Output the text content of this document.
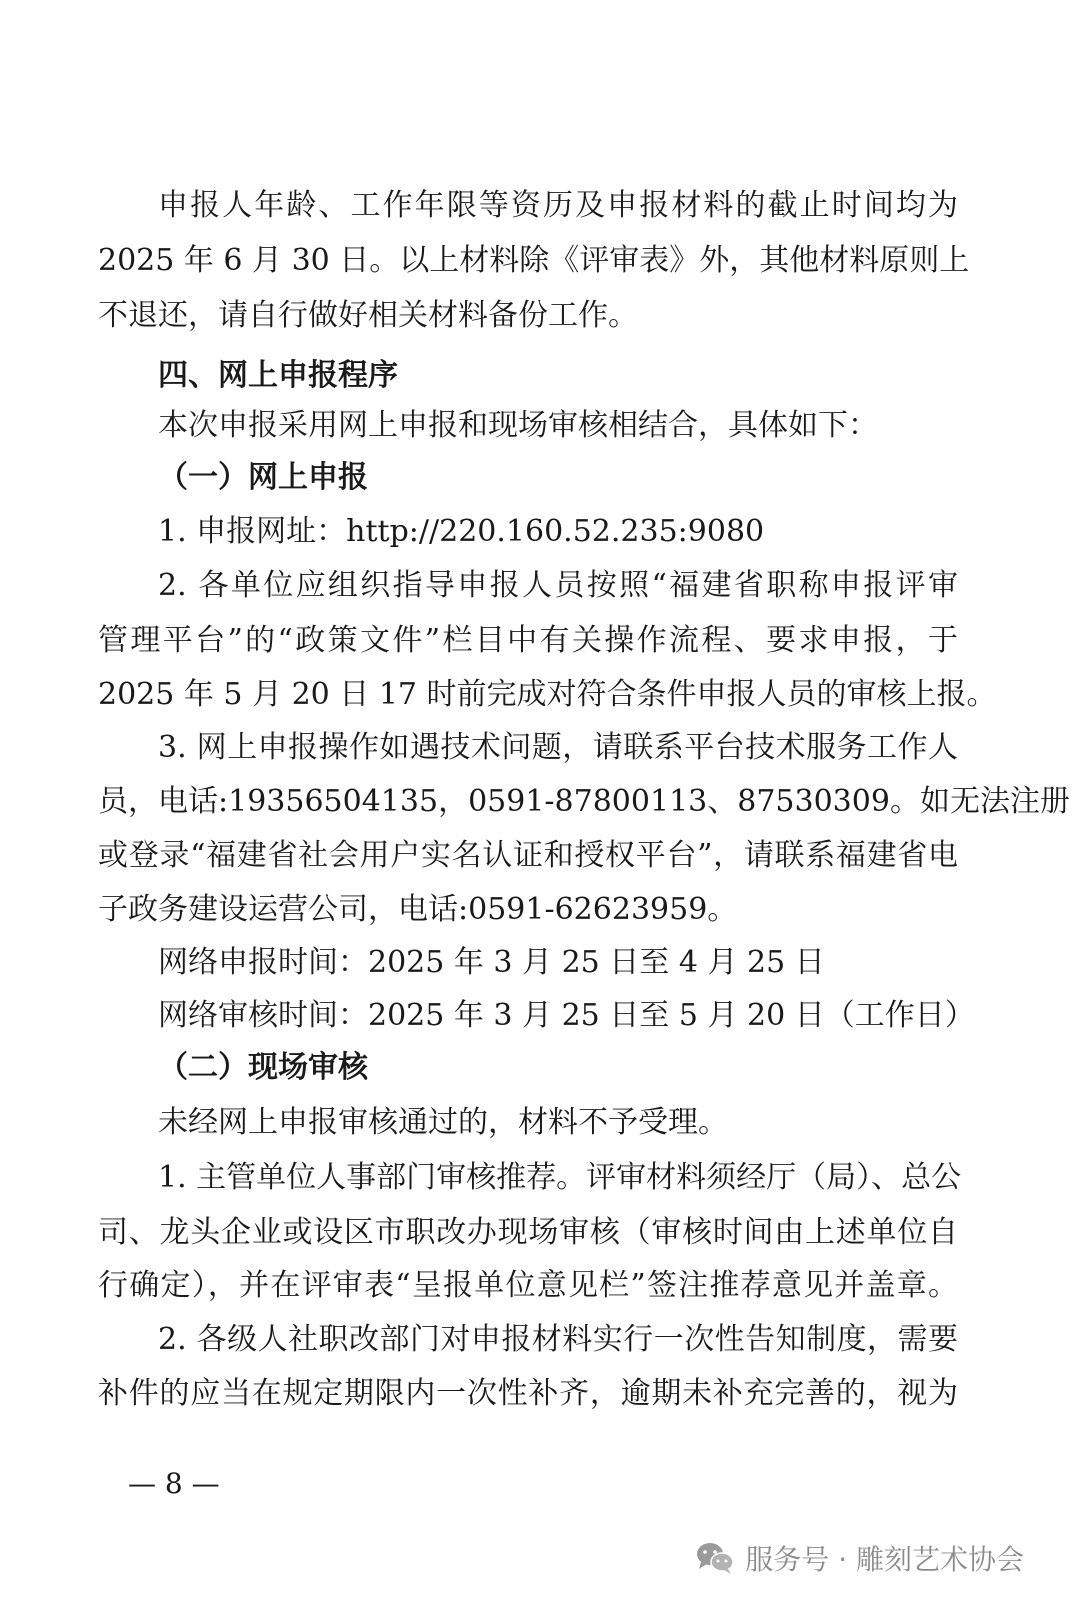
申报人年龄、工作年限等资历及申报材料的截止时间均为
2025 年 6 月 30 日。以上材料除《评审表》外，其他材料原则上
不退还，请自行做好相关材料备份工作。
四、网上申报程序
本次申报采用网上申报和现场审核相结合，具体如下：
（一）网上申报
1. 申报网址：http://220.160.52.235:9080
2. 各单位应组织指导申报人员按照“福建省职称申报评审
管理平台”的“政策文件”栏目中有关操作流程、要求申报，于
2025 年 5 月 20 日 17 时前完成对符合条件申报人员的审核上报。
3. 网上申报操作如遇技术问题，请联系平台技术服务工作人
员，电话:19356504135，0591-87800113、87530309。如无法注册
或登录“福建省社会用户实名认证和授权平台”，请联系福建省电
子政务建设运营公司，电话:0591-62623959。
网络申报时间：2025 年 3 月 25 日至 4 月 25 日
网络审核时间：2025 年 3 月 25 日至 5 月 20 日（工作日）
（二）现场审核
未经网上申报审核通过的，材料不予受理。
1. 主管单位人事部门审核推荐。评审材料须经厅（局）、总公
司、龙头企业或设区市职改办现场审核（审核时间由上述单位自
行确定），并在评审表“呈报单位意见栏”签注推荐意见并盖章。
2. 各级人社职改部门对申报材料实行一次性告知制度，需要
补件的应当在规定期限内一次性补齐，逾期未补充完善的，视为
— 8 —
服务号 · 雕刻艺术协会
